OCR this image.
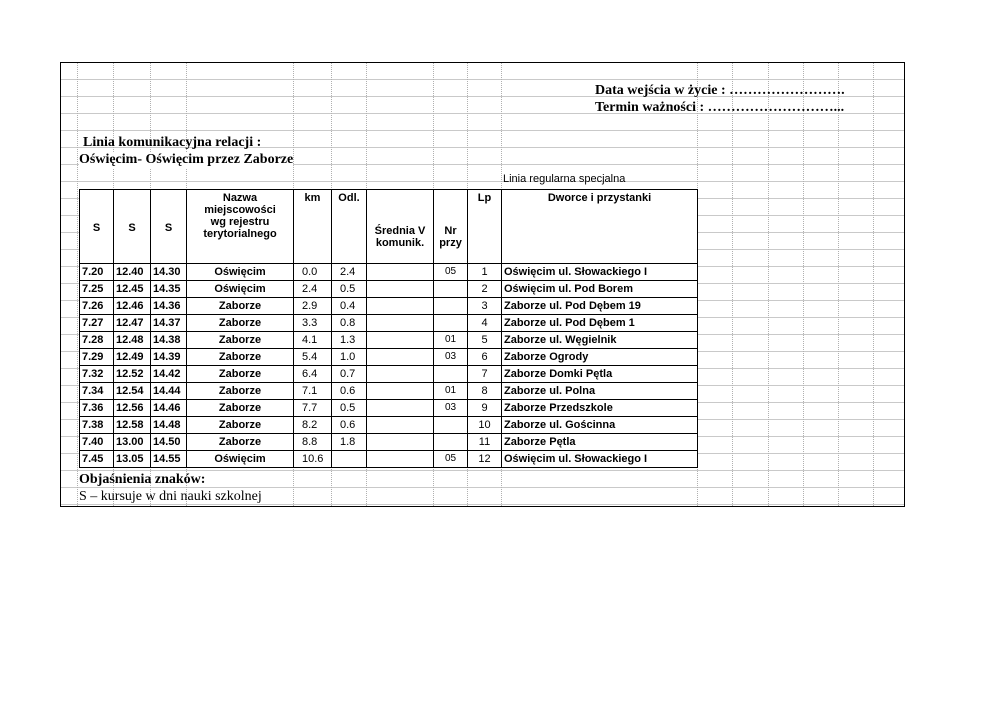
Data wejścia w życie : …………………….
Termin ważności : ………………………...
Linia komunikacyjna relacji :
Oświęcim- Oświęcim przez Zaborze
Linia regularna specjalna
S	S	S	Nazwa miejscowości wg rejestru terytorialnego	km	Odl.	Średnia V komunik.	Nr przy	Lp	Dworce i przystanki
7.20	12.40	14.30	Oświęcim	0.0	2.4		05	1	Oświęcim ul. Słowackiego I
7.25	12.45	14.35	Oświęcim	2.4	0.5			2	Oświęcim ul. Pod Borem
7.26	12.46	14.36	Zaborze	2.9	0.4			3	Zaborze ul. Pod Dębem 19
7.27	12.47	14.37	Zaborze	3.3	0.8			4	Zaborze ul. Pod Dębem 1
7.28	12.48	14.38	Zaborze	4.1	1.3		01	5	Zaborze ul. Węgielnik
7.29	12.49	14.39	Zaborze	5.4	1.0		03	6	Zaborze Ogrody
7.32	12.52	14.42	Zaborze	6.4	0.7			7	Zaborze Domki Pętla
7.34	12.54	14.44	Zaborze	7.1	0.6		01	8	Zaborze ul. Polna
7.36	12.56	14.46	Zaborze	7.7	0.5		03	9	Zaborze Przedszkole
7.38	12.58	14.48	Zaborze	8.2	0.6			10	Zaborze ul. Gościnna
7.40	13.00	14.50	Zaborze	8.8	1.8			11	Zaborze Pętla
7.45	13.05	14.55	Oświęcim	10.6			05	12	Oświęcim ul. Słowackiego I
Objaśnienia znaków:
S – kursuje w dni nauki szkolnej
